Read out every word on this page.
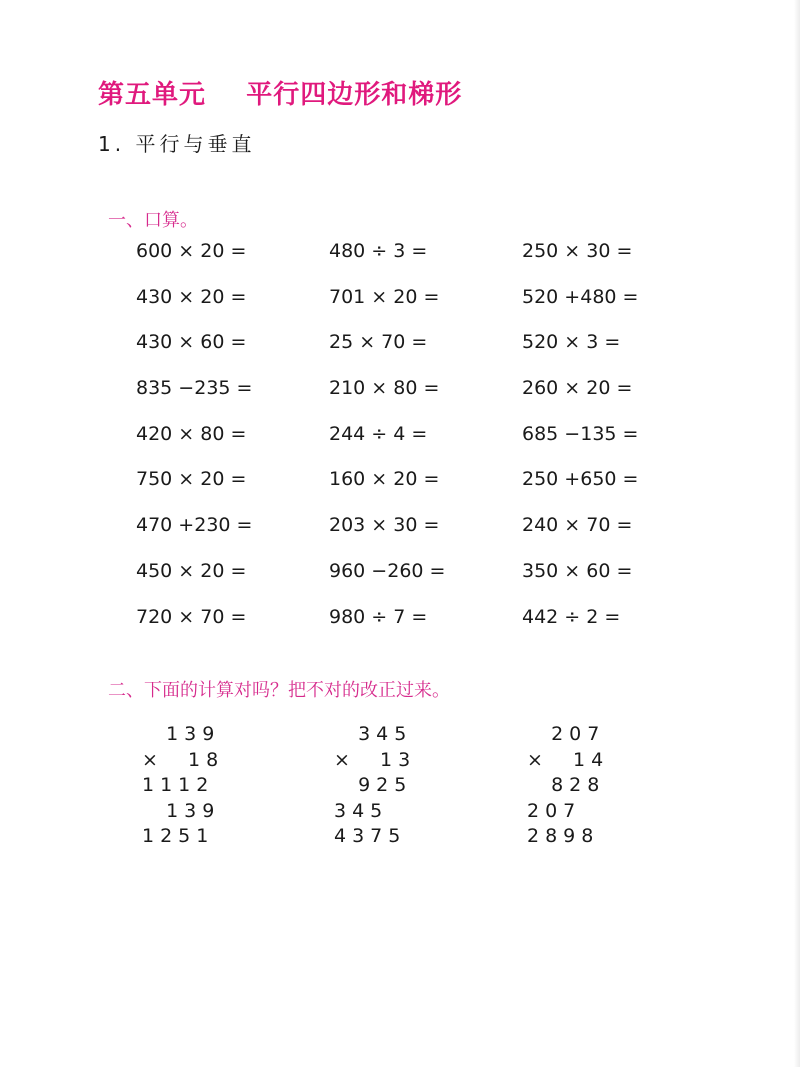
第五单元    平行四边形和梯形
1. 平行与垂直
一、口算。
600 × 20 =	480 ÷ 3 =	250 × 30 =
430 × 20 =	701 × 20 =	520 +480 =
430 × 60 =	25 × 70 =	520 × 3 =
835 −235 =	210 × 80 =	260 × 20 =
420 × 80 =	244 ÷ 4 =	685 −135 =
750 × 20 =	160 × 20 =	250 +650 =
470 +230 =	203 × 30 =	240 × 70 =
450 × 20 =	960 −260 =	350 × 60 =
720 × 70 =	980 ÷ 7 =	442 ÷ 2 =
二、下面的计算对吗？把不对的改正过来。
139
×  18
1112
139
1251
345
×  13
925
345
4375
207
×  14
828
207
2898
